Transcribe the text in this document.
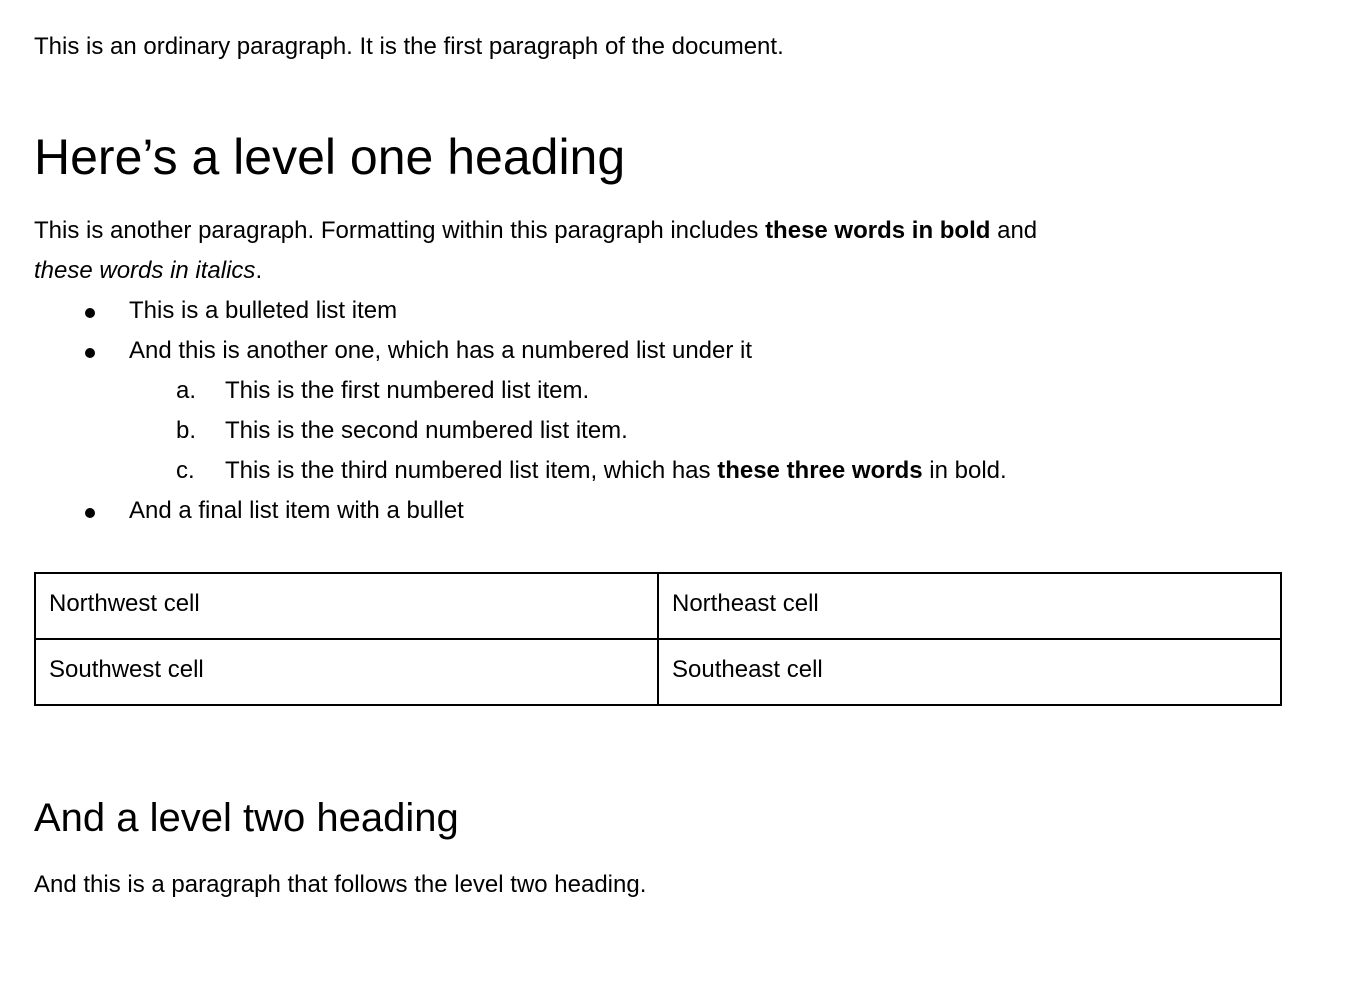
This is an ordinary paragraph. It is the first paragraph of the document.

Here’s a level one heading

This is another paragraph. Formatting within this paragraph includes these words in bold and
these words in italics.

This is a bulleted list item
And this is another one, which has a numbered list under it
a.	This is the first numbered list item.
b.	This is the second numbered list item.
c.	This is the third numbered list item, which has these three words in bold.
And a final list item with a bullet
Northwest cell	Northeast cell
Southwest cell	Southeast cell
And a level two heading

And this is a paragraph that follows the level two heading.
